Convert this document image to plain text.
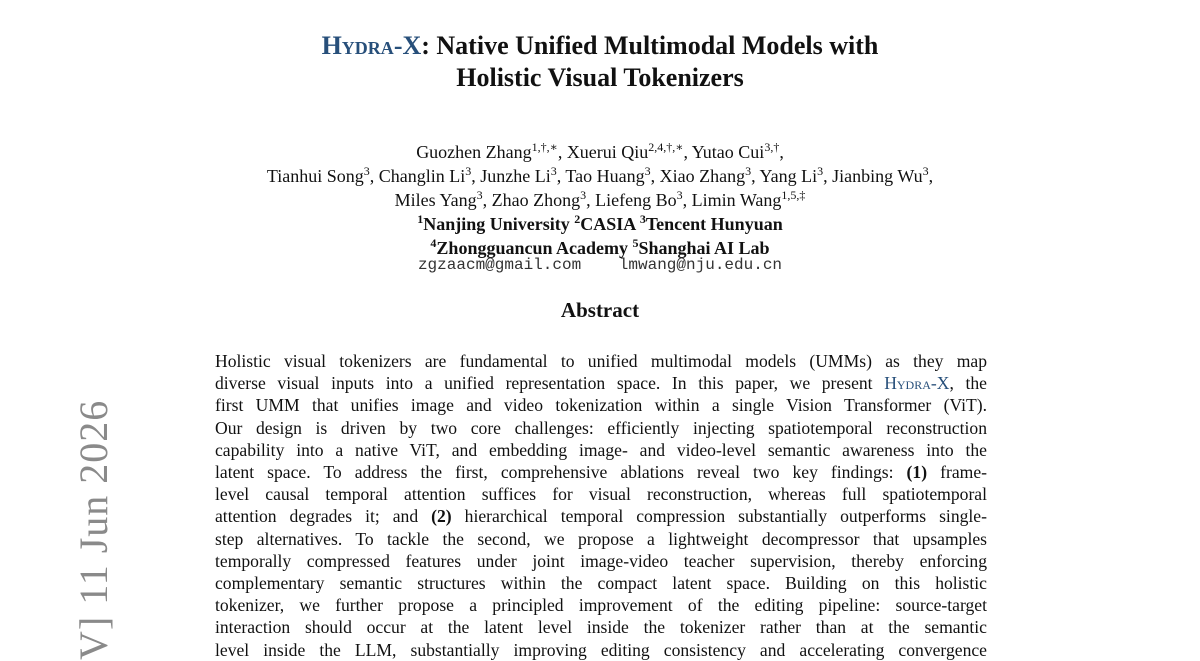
V] 11 Jun 2026
Hydra-X: Native Unified Multimodal Models with
Holistic Visual Tokenizers
Guozhen Zhang$^{1,\dagger,∗}$, Xuerui Qiu$^{2,4,\dagger,∗}$, Yutao Cui$^{3,\dagger}$,
Tianhui Song$^3$, Changlin Li$^3$, Junzhe Li$^3$, Tao Huang$^3$, Xiao Zhang$^3$, Yang Li$^3$, Jianbing Wu$^3$,
Miles Yang$^3$, Zhao Zhong$^3$, Liefeng Bo$^3$, Limin Wang$^{1,5,\ddagger}$
$^1$Nanjing University $^2$CASIA $^3$Tencent Hunyuan
$^4$Zhongguancun Academy $^5$Shanghai AI Lab
zgzaacm@gmail.com lmwang@nju.edu.cn
Abstract
Holistic visual tokenizers are fundamental to unified multimodal models (UMMs) as they map
diverse visual inputs into a unified representation space. In this paper, we present Hydra-X, the
first UMM that unifies image and video tokenization within a single Vision Transformer (ViT).
Our design is driven by two core challenges: efficiently injecting spatiotemporal reconstruction
capability into a native ViT, and embedding image- and video-level semantic awareness into the
latent space. To address the first, comprehensive ablations reveal two key findings: (1) frame-
level causal temporal attention suffices for visual reconstruction, whereas full spatiotemporal
attention degrades it; and (2) hierarchical temporal compression substantially outperforms single-
step alternatives. To tackle the second, we propose a lightweight decompressor that upsamples
temporally compressed features under joint image-video teacher supervision, thereby enforcing
complementary semantic structures within the compact latent space. Building on this holistic
tokenizer, we further propose a principled improvement of the editing pipeline: source-target
interaction should occur at the latent level inside the tokenizer rather than at the semantic
level inside the LLM, substantially improving editing consistency and accelerating convergence
